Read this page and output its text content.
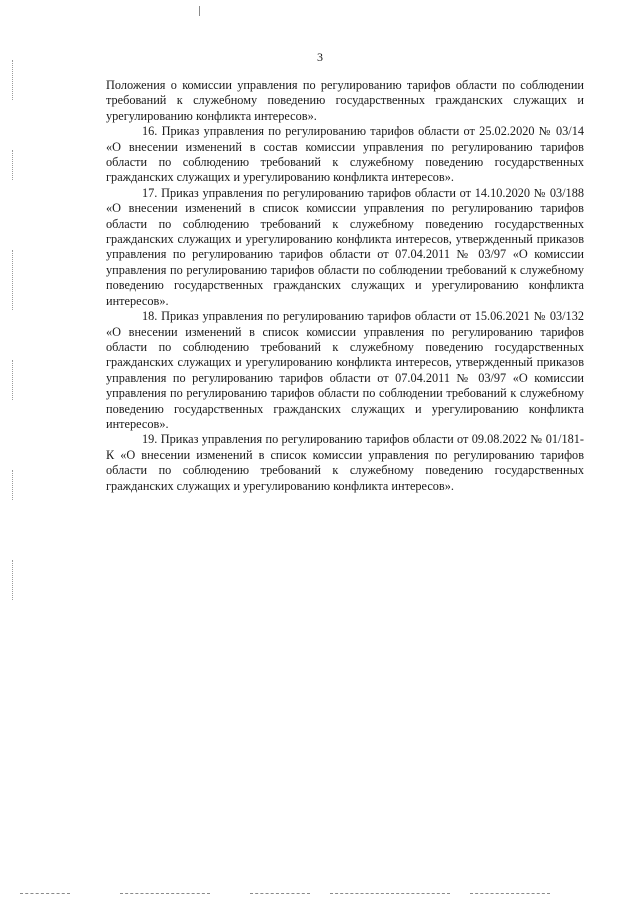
3

Положения о комиссии управления по регулированию тарифов области по соблюдении требований к служебному поведению государственных гражданских служащих и урегулированию конфликта интересов».

16. Приказ управления по регулированию тарифов области от 25.02.2020 № 03/14 «О внесении изменений в состав комиссии управления по регулированию тарифов области по соблюдению требований к служебному поведению государственных гражданских служащих и урегулированию конфликта интересов».

17. Приказ управления по регулированию тарифов области от 14.10.2020 № 03/188 «О внесении изменений в список комиссии управления по регулированию тарифов области по соблюдению требований к служебному поведению государственных гражданских служащих и урегулированию конфликта интересов, утвержденный приказов управления по регулированию тарифов области от 07.04.2011 № 03/97 «О комиссии управления по регулированию тарифов области по соблюдении требований к служебному поведению государственных гражданских служащих и урегулированию конфликта интересов».

18. Приказ управления по регулированию тарифов области от 15.06.2021 № 03/132 «О внесении изменений в список комиссии управления по регулированию тарифов области по соблюдению требований к служебному поведению государственных гражданских служащих и урегулированию конфликта интересов, утвержденный приказов управления по регулированию тарифов области от 07.04.2011 № 03/97 «О комиссии управления по регулированию тарифов области по соблюдении требований к служебному поведению государственных гражданских служащих и урегулированию конфликта интересов».

19. Приказ управления по регулированию тарифов области от 09.08.2022 № 01/181-К «О внесении изменений в список комиссии управления по регулированию тарифов области по соблюдению требований к служебному поведению государственных гражданских служащих и урегулированию конфликта интересов».
